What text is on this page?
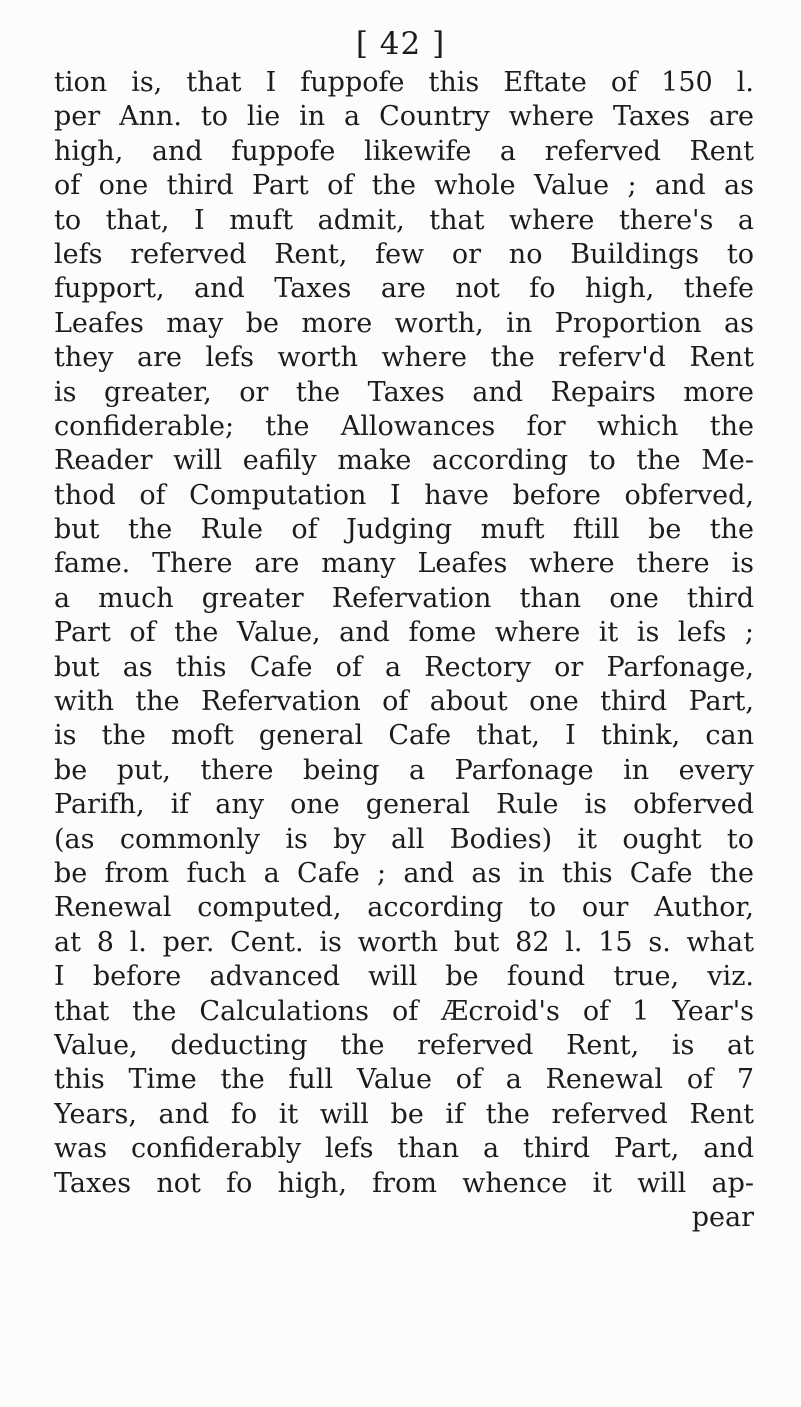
[ 42 ]
tion is, that I fuppofe this Eftate of 150 l.
per Ann. to lie in a Country where Taxes are
high, and fuppofe likewife a referved Rent
of one third Part of the whole Value ; and as
to that, I muft admit, that where there's a
lefs referved Rent, few or no Buildings to
fupport, and Taxes are not fo high, thefe
Leafes may be more worth, in Proportion as
they are lefs worth where the referv'd Rent
is greater, or the Taxes and Repairs more
confiderable; the Allowances for which the
Reader will eafily make according to the Me-
thod of Computation I have before obferved,
but the Rule of Judging muft ftill be the
fame. There are many Leafes where there is
a much greater Refervation than one third
Part of the Value, and fome where it is lefs ;
but as this Cafe of a Rectory or Parfonage,
with the Refervation of about one third Part,
is the moft general Cafe that, I think, can
be put, there being a Parfonage in every
Parifh, if any one general Rule is obferved
(as commonly is by all Bodies) it ought to
be from fuch a Cafe ; and as in this Cafe the
Renewal computed, according to our Author,
at 8 l. per. Cent. is worth but 82 l. 15 s. what
I before advanced will be found true, viz.
that the Calculations of Æcroid's of 1 Year's
Value, deducting the referved Rent, is at
this Time the full Value of a Renewal of 7
Years, and fo it will be if the referved Rent
was confiderably lefs than a third Part, and
Taxes not fo high, from whence it will ap-
pear
